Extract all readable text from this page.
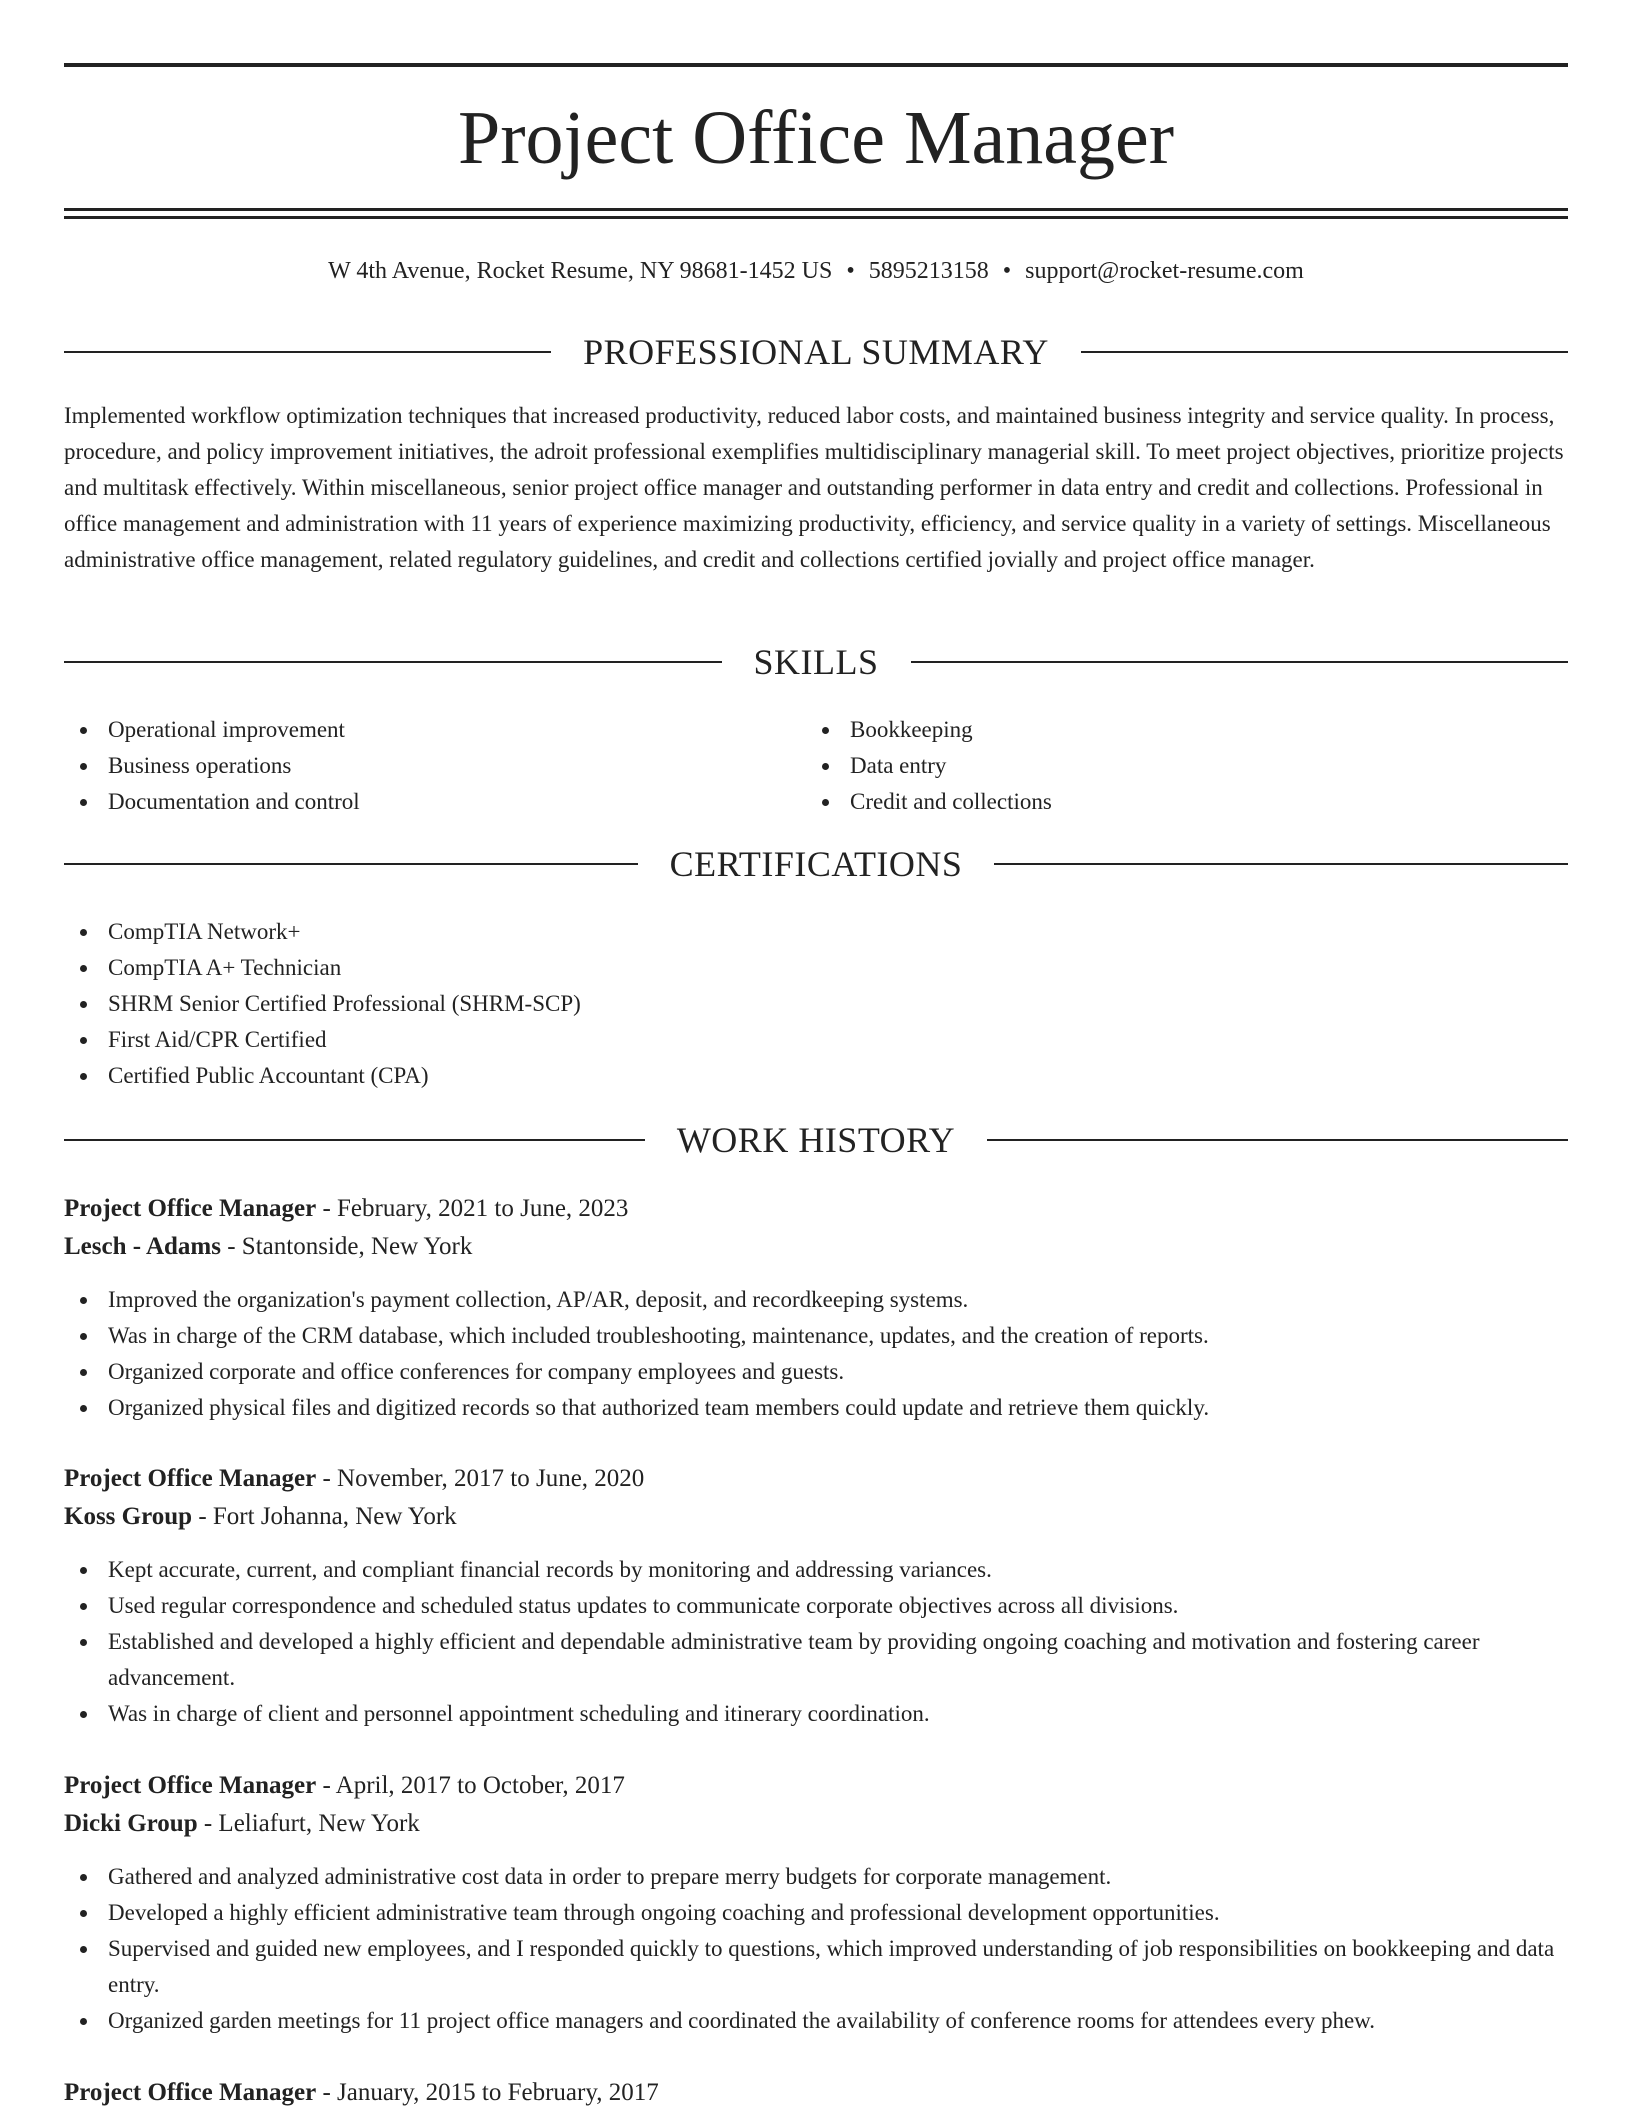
Project Office Manager
W 4th Avenue, Rocket Resume, NY 98681-1452 US • 5895213158 • support@rocket-resume.com
PROFESSIONAL SUMMARY

Implemented workflow optimization techniques that increased productivity, reduced labor costs, and maintained business integrity and service quality. In process, procedure, and policy improvement initiatives, the adroit professional exemplifies multidisciplinary managerial skill. To meet project objectives, prioritize projects and multitask effectively. Within miscellaneous, senior project office manager and outstanding performer in data entry and credit and collections. Professional in office management and administration with 11 years of experience maximizing productivity, efficiency, and service quality in a variety of settings. Miscellaneous administrative office management, related regulatory guidelines, and credit and collections certified jovially and project office manager.

SKILLS
Operational improvement
Business operations
Documentation and control
Bookkeeping
Data entry
Credit and collections
CERTIFICATIONS
CompTIA Network+
CompTIA A+ Technician
SHRM Senior Certified Professional (SHRM-SCP)
First Aid/CPR Certified
Certified Public Accountant (CPA)
WORK HISTORY
Project Office Manager - February, 2021 to June, 2023
Lesch - Adams - Stantonside, New York
Improved the organization's payment collection, AP/AR, deposit, and recordkeeping systems.
Was in charge of the CRM database, which included troubleshooting, maintenance, updates, and the creation of reports.
Organized corporate and office conferences for company employees and guests.
Organized physical files and digitized records so that authorized team members could update and retrieve them quickly.
Project Office Manager - November, 2017 to June, 2020
Koss Group - Fort Johanna, New York
Kept accurate, current, and compliant financial records by monitoring and addressing variances.
Used regular correspondence and scheduled status updates to communicate corporate objectives across all divisions.
Established and developed a highly efficient and dependable administrative team by providing ongoing coaching and motivation and fostering career advancement.
Was in charge of client and personnel appointment scheduling and itinerary coordination.
Project Office Manager - April, 2017 to October, 2017
Dicki Group - Leliafurt, New York
Gathered and analyzed administrative cost data in order to prepare merry budgets for corporate management.
Developed a highly efficient administrative team through ongoing coaching and professional development opportunities.
Supervised and guided new employees, and I responded quickly to questions, which improved understanding of job responsibilities on bookkeeping and data entry.
Organized garden meetings for 11 project office managers and coordinated the availability of conference rooms for attendees every phew.
Project Office Manager - January, 2015 to February, 2017
